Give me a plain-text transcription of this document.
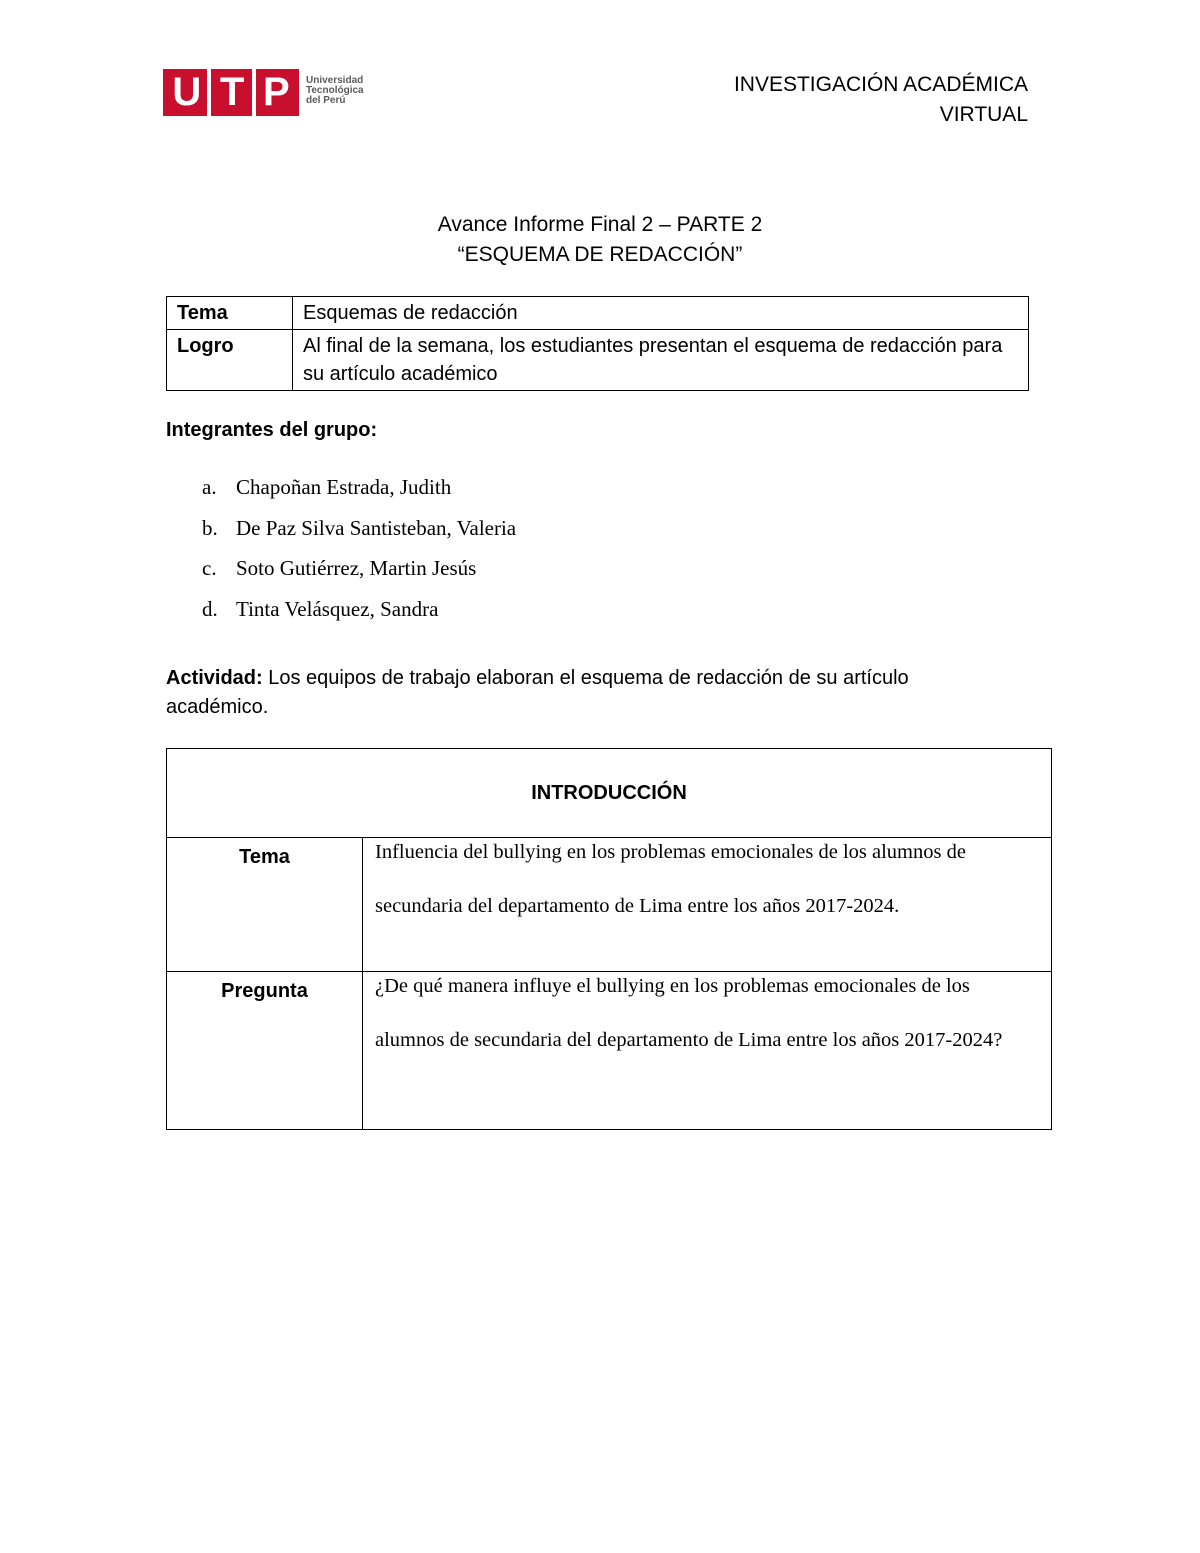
U T P Universidad
Tecnológica
del Perú
INVESTIGACIÓN ACADÉMICA
VIRTUAL
Avance Informe Final 2 – PARTE 2
“ESQUEMA DE REDACCIÓN”
Tema	Esquemas de redacción
Logro	Al final de la semana, los estudiantes presentan el esquema de redacción para su artículo académico
Integrantes del grupo:
a. Chapoñan Estrada, Judith
b. De Paz Silva Santisteban, Valeria
c. Soto Gutiérrez, Martin Jesús
d. Tinta Velásquez, Sandra
Actividad: Los equipos de trabajo elaboran el esquema de redacción de su artículo académico.
INTRODUCCIÓN	
Tema	Influencia del bullying en los problemas emocionales de los alumnos de secundaria del departamento de Lima entre los años 2017-2024.

Pregunta	¿De qué manera influye el bullying en los problemas emocionales de los alumnos de secundaria del departamento de Lima entre los años 2017-2024?
